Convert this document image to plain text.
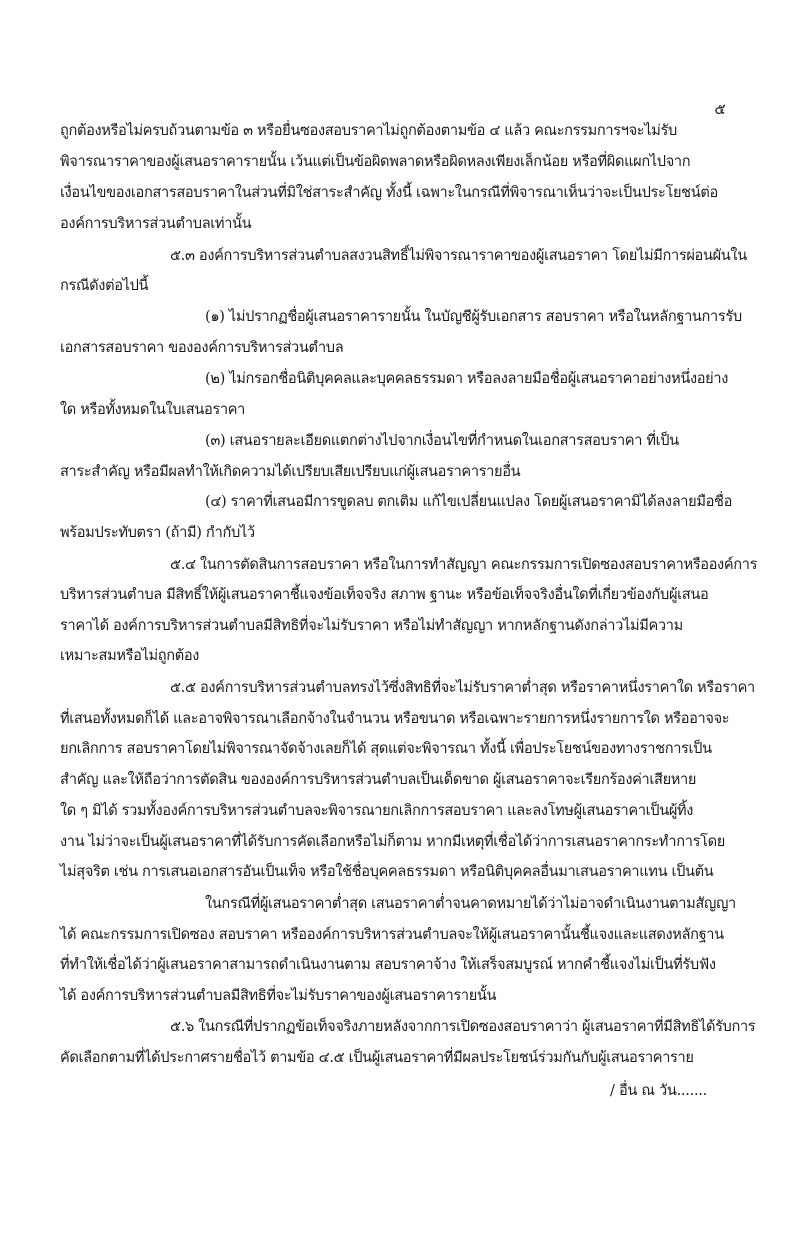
๕
ถูกต้องหรือไม่ครบถ้วนตามข้อ ๓ หรือยื่นซองสอบราคาไม่ถูกต้องตามข้อ ๔ แล้ว คณะกรรมการฯจะไม่รับ
พิจารณาราคาของผู้เสนอราคารายนั้น เว้นแต่เป็นข้อผิดพลาดหรือผิดหลงเพียงเล็กน้อย หรือที่ผิดแผกไปจาก
เงื่อนไขของเอกสารสอบราคาในส่วนที่มิใช่สาระสำคัญ ทั้งนี้ เฉพาะในกรณีที่พิจารณาเห็นว่าจะเป็นประโยชน์ต่อ
องค์การบริหารส่วนตำบลเท่านั้น
๕.๓ องค์การบริหารส่วนตำบลสงวนสิทธิ์ไม่พิจารณาราคาของผู้เสนอราคา โดยไม่มีการผ่อนผันใน
กรณีดังต่อไปนี้
(๑) ไม่ปรากฏชื่อผู้เสนอราคารายนั้น ในบัญชีผู้รับเอกสาร สอบราคา หรือในหลักฐานการรับ
เอกสารสอบราคา ขององค์การบริหารส่วนตำบล
(๒) ไม่กรอกชื่อนิติบุคคลและบุคคลธรรมดา หรือลงลายมือชื่อผู้เสนอราคาอย่างหนึ่งอย่าง
ใด หรือทั้งหมดในใบเสนอราคา
(๓) เสนอรายละเอียดแตกต่างไปจากเงื่อนไขที่กำหนดในเอกสารสอบราคา ที่เป็น
สาระสำคัญ หรือมีผลทำให้เกิดความได้เปรียบเสียเปรียบแก่ผู้เสนอราคารายอื่น
(๔) ราคาที่เสนอมีการขูดลบ ตกเติม แก้ไขเปลี่ยนแปลง โดยผู้เสนอราคามิได้ลงลายมือชื่อ
พร้อมประทับตรา (ถ้ามี) กำกับไว้
๕.๔ ในการตัดสินการสอบราคา หรือในการทำสัญญา คณะกรรมการเปิดซองสอบราคาหรือองค์การ
บริหารส่วนตำบล มีสิทธิ์ให้ผู้เสนอราคาชี้แจงข้อเท็จจริง สภาพ ฐานะ หรือข้อเท็จจริงอื่นใดที่เกี่ยวข้องกับผู้เสนอ
ราคาได้ องค์การบริหารส่วนตำบลมีสิทธิที่จะไม่รับราคา หรือไม่ทำสัญญา หากหลักฐานดังกล่าวไม่มีความ
เหมาะสมหรือไม่ถูกต้อง
๕.๕ องค์การบริหารส่วนตำบลทรงไว้ซึ่งสิทธิที่จะไม่รับราคาต่ำสุด หรือราคาหนึ่งราคาใด หรือราคา
ที่เสนอทั้งหมดก็ได้ และอาจพิจารณาเลือกจ้างในจำนวน หรือขนาด หรือเฉพาะรายการหนึ่งรายการใด หรืออาจจะ
ยกเลิกการ สอบราคาโดยไม่พิจารณาจัดจ้างเลยก็ได้ สุดแต่จะพิจารณา ทั้งนี้ เพื่อประโยชน์ของทางราชการเป็น
สำคัญ และให้ถือว่าการตัดสิน ขององค์การบริหารส่วนตำบลเป็นเด็ดขาด ผู้เสนอราคาจะเรียกร้องค่าเสียหาย
ใด ๆ มิได้ รวมทั้งองค์การบริหารส่วนตำบลจะพิจารณายกเลิกการสอบราคา และลงโทษผู้เสนอราคาเป็นผู้ทิ้ง
งาน ไม่ว่าจะเป็นผู้เสนอราคาที่ได้รับการคัดเลือกหรือไม่ก็ตาม หากมีเหตุที่เชื่อได้ว่าการเสนอราคากระทำการโดย
ไม่สุจริต เช่น การเสนอเอกสารอันเป็นเท็จ หรือใช้ชื่อบุคคลธรรมดา หรือนิติบุคคลอื่นมาเสนอราคาแทน เป็นต้น
ในกรณีที่ผู้เสนอราคาต่ำสุด เสนอราคาต่ำจนคาดหมายได้ว่าไม่อาจดำเนินงานตามสัญญา
ได้ คณะกรรมการเปิดซอง สอบราคา หรือองค์การบริหารส่วนตำบลจะให้ผู้เสนอราคานั้นชี้แจงและแสดงหลักฐาน
ที่ทำให้เชื่อได้ว่าผู้เสนอราคาสามารถดำเนินงานตาม สอบราคาจ้าง ให้เสร็จสมบูรณ์ หากคำชี้แจงไม่เป็นที่รับฟัง
ได้ องค์การบริหารส่วนตำบลมีสิทธิที่จะไม่รับราคาของผู้เสนอราคารายนั้น
๕.๖ ในกรณีที่ปรากฏข้อเท็จจริงภายหลังจากการเปิดซองสอบราคาว่า ผู้เสนอราคาที่มีสิทธิได้รับการ
คัดเลือกตามที่ได้ประกาศรายชื่อไว้ ตามข้อ ๔.๕ เป็นผู้เสนอราคาที่มีผลประโยชน์ร่วมกันกับผู้เสนอราคาราย
/ อื่น ณ วัน.......
